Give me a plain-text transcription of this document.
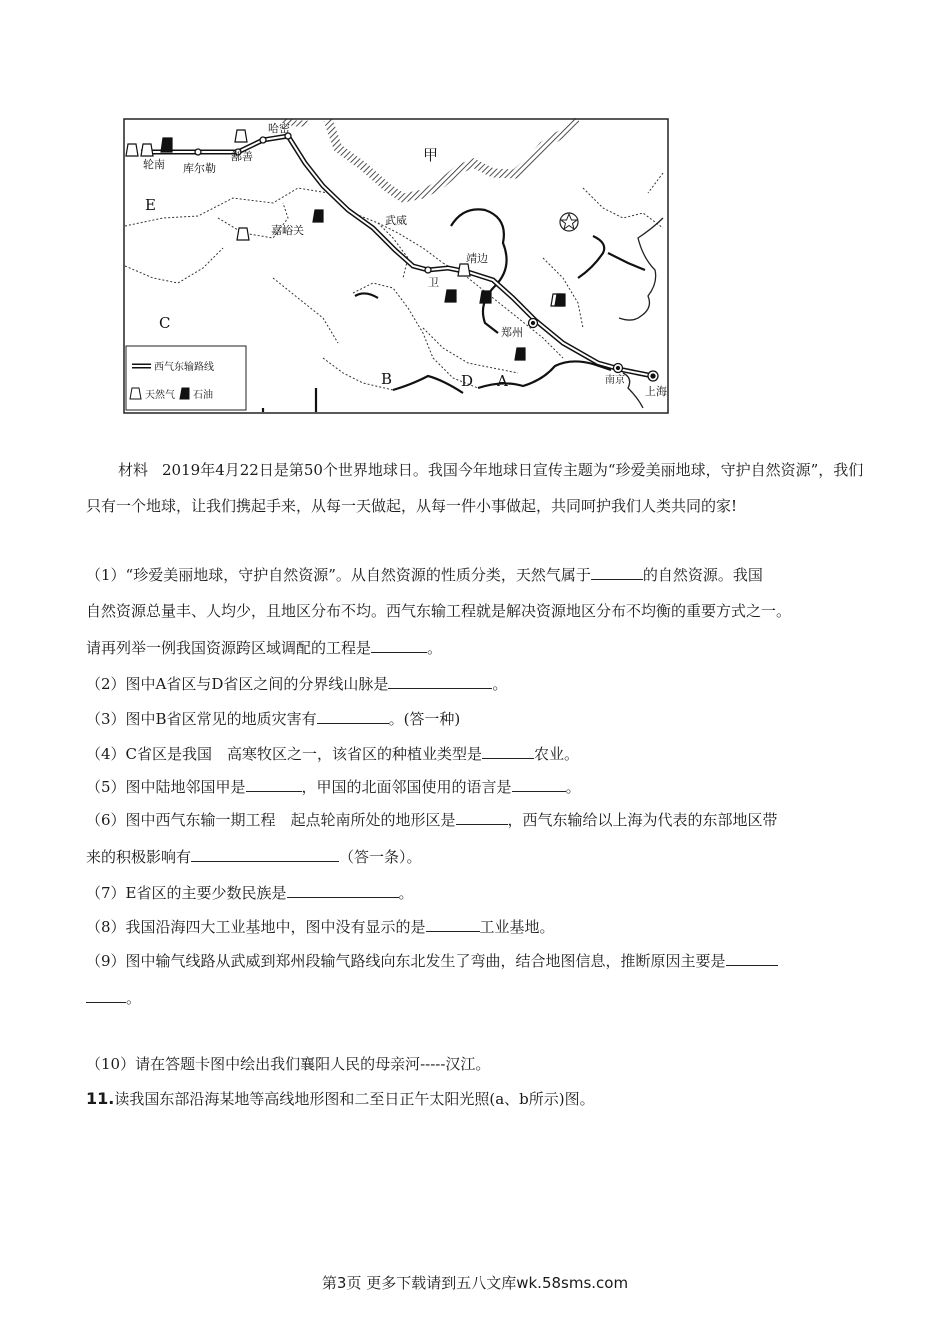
甲
E
C
B	D A
轮南 库尔勒
鄯善
哈密
嘉峪关
武威
卫
靖边
郑州
南京
上海
西气东输路线
天然气 石油
材料 2019年4月22日是第50个世界地球日。我国今年地球日宣传主题为“珍爱美丽地球，守护自然资源”，我们只有一个地球，让我们携起手来，从每一天做起，从每一件小事做起，共同呵护我们人类共同的家!
（1）“珍爱美丽地球，守护自然资源”。从自然资源的性质分类，天然气属于	的自然资源。我国
自然资源总量丰、人均少，且地区分布不均。西气东输工程就是解决资源地区分布不均衡的重要方式之一。
请再列举一例我国资源跨区域调配的工程是	。
（2）图中A省区与D省区之间的分界线山脉是	。
（3）图中B省区常见的地质灾害有	。(答一种)
（4）C省区是我国　高寒牧区之一，该省区的种植业类型是	农业。
（5）图中陆地邻国甲是	，甲国的北面邻国使用的语言是	。
（6）图中西气东输一期工程　起点轮南所处的地形区是	，西气东输给以上海为代表的东部地区带
来的积极影响有	（答一条）。
（7）E省区的主要少数民族是	。
（8）我国沿海四大工业基地中，图中没有显示的是	工业基地。
（9）图中输气线路从武威到郑州段输气路线向东北发生了弯曲，结合地图信息，推断原因主要是
。
（10）请在答题卡图中绘出我们襄阳人民的母亲河-----汉江。
11.读我国东部沿海某地等高线地形图和二至日正午太阳光照(a、b所示)图。
第3页 更多下载请到五八文库wk.58sms.com
